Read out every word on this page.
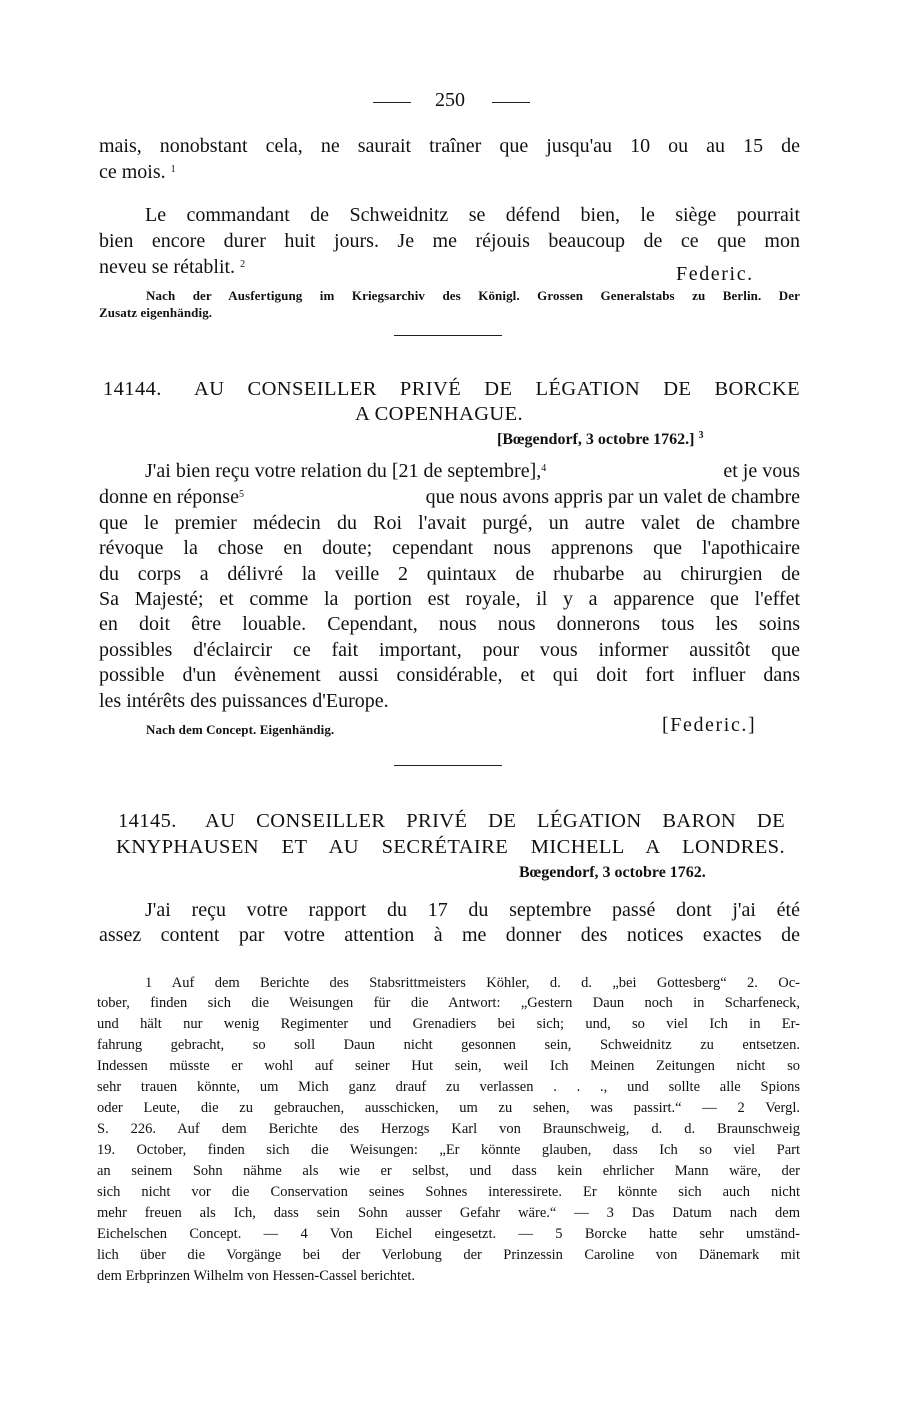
250
mais, nonobstant cela, ne saurait traîner que jusqu'au 10 ou au 15 de
ce mois. $^1$
Le commandant de Schweidnitz se défend bien, le siège pourrait
bien encore durer huit jours. Je me réjouis beaucoup de ce que mon
neveu se rétablit. $^2$	Federic.
Nach der Ausfertigung im Kriegsarchiv des Königl. Grossen Generalstabs zu Berlin. Der
Zusatz eigenhändig.
14144. AU CONSEILLER PRIVÉ DE LÉGATION DE BORCKE
A COPENHAGUE.
[Bœgendorf, 3 octobre 1762.] $^3$
J'ai bien reçu votre relation du [21 de septembre],$^4$	et je vous
donne en réponse$^5$	que nous avons appris par un valet de chambre
que le premier médecin du Roi l'avait purgé, un autre valet de chambre
révoque la chose en doute; cependant nous apprenons que l'apothicaire
du corps a délivré la veille 2 quintaux de rhubarbe au chirurgien de
Sa Majesté; et comme la portion est royale, il y a apparence que l'effet
en doit être louable. Cependant, nous nous donnerons tous les soins
possibles d'éclaircir ce fait important, pour vous informer aussitôt que
possible d'un évènement aussi considérable, et qui doit fort influer dans
les intérêts des puissances d'Europe.
Nach dem Concept. Eigenhändig.	[Federic.]
14145. AU CONSEILLER PRIVÉ DE LÉGATION BARON DE
KNYPHAUSEN ET AU SECRÉTAIRE MICHELL A LONDRES.
Bœgendorf, 3 octobre 1762.
J'ai reçu votre rapport du 17 du septembre passé dont j'ai été
assez content par votre attention à me donner des notices exactes de
1 Auf dem Berichte des Stabsrittmeisters Köhler, d. d. „bei Gottesberg“ 2. Oc-
tober, finden sich die Weisungen für die Antwort: „Gestern Daun noch in Scharfeneck,
und hält nur wenig Regimenter und Grenadiers bei sich; und, so viel Ich in Er-
fahrung gebracht, so soll Daun nicht gesonnen sein, Schweidnitz zu entsetzen.
Indessen müsste er wohl auf seiner Hut sein, weil Ich Meinen Zeitungen nicht so
sehr trauen könnte, um Mich ganz drauf zu verlassen . . ., und sollte alle Spions
oder Leute, die zu gebrauchen, ausschicken, um zu sehen, was passirt.“ — 2 Vergl.
S. 226. Auf dem Berichte des Herzogs Karl von Braunschweig, d. d. Braunschweig
19. October, finden sich die Weisungen: „Er könnte glauben, dass Ich so viel Part
an seinem Sohn nähme als wie er selbst, und dass kein ehrlicher Mann wäre, der
sich nicht vor die Conservation seines Sohnes interessirete. Er könnte sich auch nicht
mehr freuen als Ich, dass sein Sohn ausser Gefahr wäre.“ — 3 Das Datum nach dem
Eichelschen Concept. — 4 Von Eichel eingesetzt. — 5 Borcke hatte sehr umständ-
lich über die Vorgänge bei der Verlobung der Prinzessin Caroline von Dänemark mit
dem Erbprinzen Wilhelm von Hessen-Cassel berichtet.
